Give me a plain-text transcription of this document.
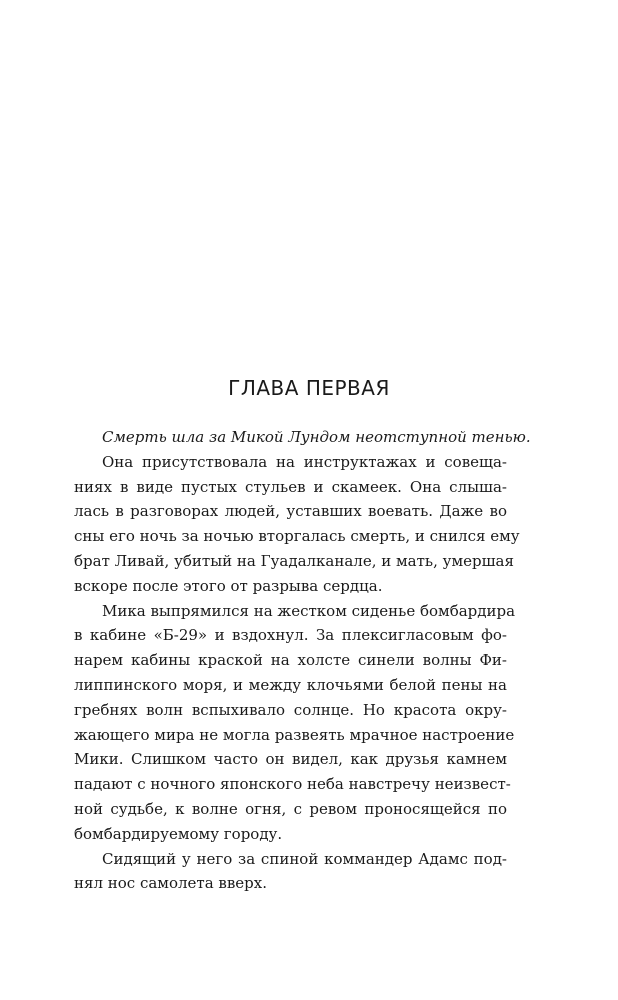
ГЛАВА ПЕРВАЯ
Смерть шла за Микой Лундом неотступной тенью.
Она присутствовала на инструктажах и совеща-
ниях в виде пустых стульев и скамеек. Она слыша-
лась в разговорах людей, уставших воевать. Даже во
сны его ночь за ночью вторгалась смерть, и снился ему
брат Ливай, убитый на Гуадалканале, и мать, умершая
вскоре после этого от разрыва сердца.
Мика выпрямился на жестком сиденье бомбардира
в кабине «Б-29» и вздохнул. За плексигласовым фо-
нарем кабины краской на холсте синели волны Фи-
липпинского моря, и между клочьями белой пены на
гребнях волн вспыхивало солнце. Но красота окру-
жающего мира не могла развеять мрачное настроение
Мики. Слишком часто он видел, как друзья камнем
падают с ночного японского неба навстречу неизвест-
ной судьбе, к волне огня, с ревом проносящейся по
бомбардируемому городу.
Сидящий у него за спиной коммандер Адамс под-
нял нос самолета вверх.
